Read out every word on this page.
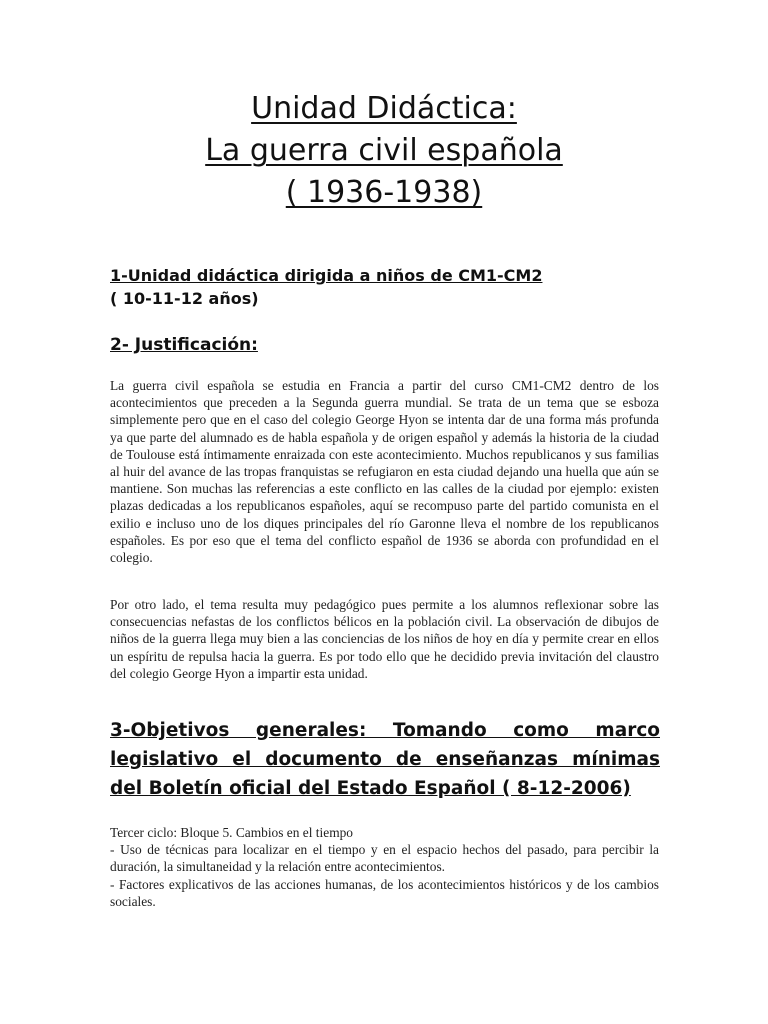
Unidad Didáctica:
La guerra civil española
( 1936-1938)
1-Unidad didáctica dirigida a niños de CM1-CM2
( 10-11-12 años)
2- Justificación:

La guerra civil española se estudia en Francia a partir del curso CM1-CM2 dentro de los acontecimientos que preceden a la Segunda guerra mundial. Se trata de un tema que se esboza simplemente pero que en el caso del colegio George Hyon se intenta dar de una forma más profunda ya que parte del alumnado es de habla española y de origen español y además la historia de la ciudad de Toulouse está íntimamente enraizada con este acontecimiento. Muchos republicanos y sus familias al huir del avance de las tropas franquistas se refugiaron en esta ciudad dejando una huella que aún se mantiene. Son muchas las referencias a este conflicto en las calles de la ciudad por ejemplo: existen plazas dedicadas a los republicanos españoles, aquí se recompuso parte del partido comunista en el exilio e incluso uno de los diques principales del río Garonne lleva el nombre de los republicanos españoles. Es por eso que el tema del conflicto español de 1936 se aborda con profundidad en el colegio.

Por otro lado, el tema resulta muy pedagógico pues permite a los alumnos reflexionar sobre las consecuencias nefastas de los conflictos bélicos en la población civil. La observación de dibujos de niños de la guerra llega muy bien a las conciencias de los niños de hoy en día y permite crear en ellos un espíritu de repulsa hacia la guerra. Es por todo ello que he decidido previa invitación del claustro del colegio George Hyon a impartir esta unidad.

3-Objetivos generales: Tomando como marco legislativo el documento de enseñanzas mínimas del Boletín oficial del Estado Español ( 8-12-2006)
Tercer ciclo: Bloque 5. Cambios en el tiempo
- Uso de técnicas para localizar en el tiempo y en el espacio hechos del pasado, para percibir la duración, la simultaneidad y la relación entre acontecimientos.
- Factores explicativos de las acciones humanas, de los acontecimientos históricos y de los cambios sociales.
